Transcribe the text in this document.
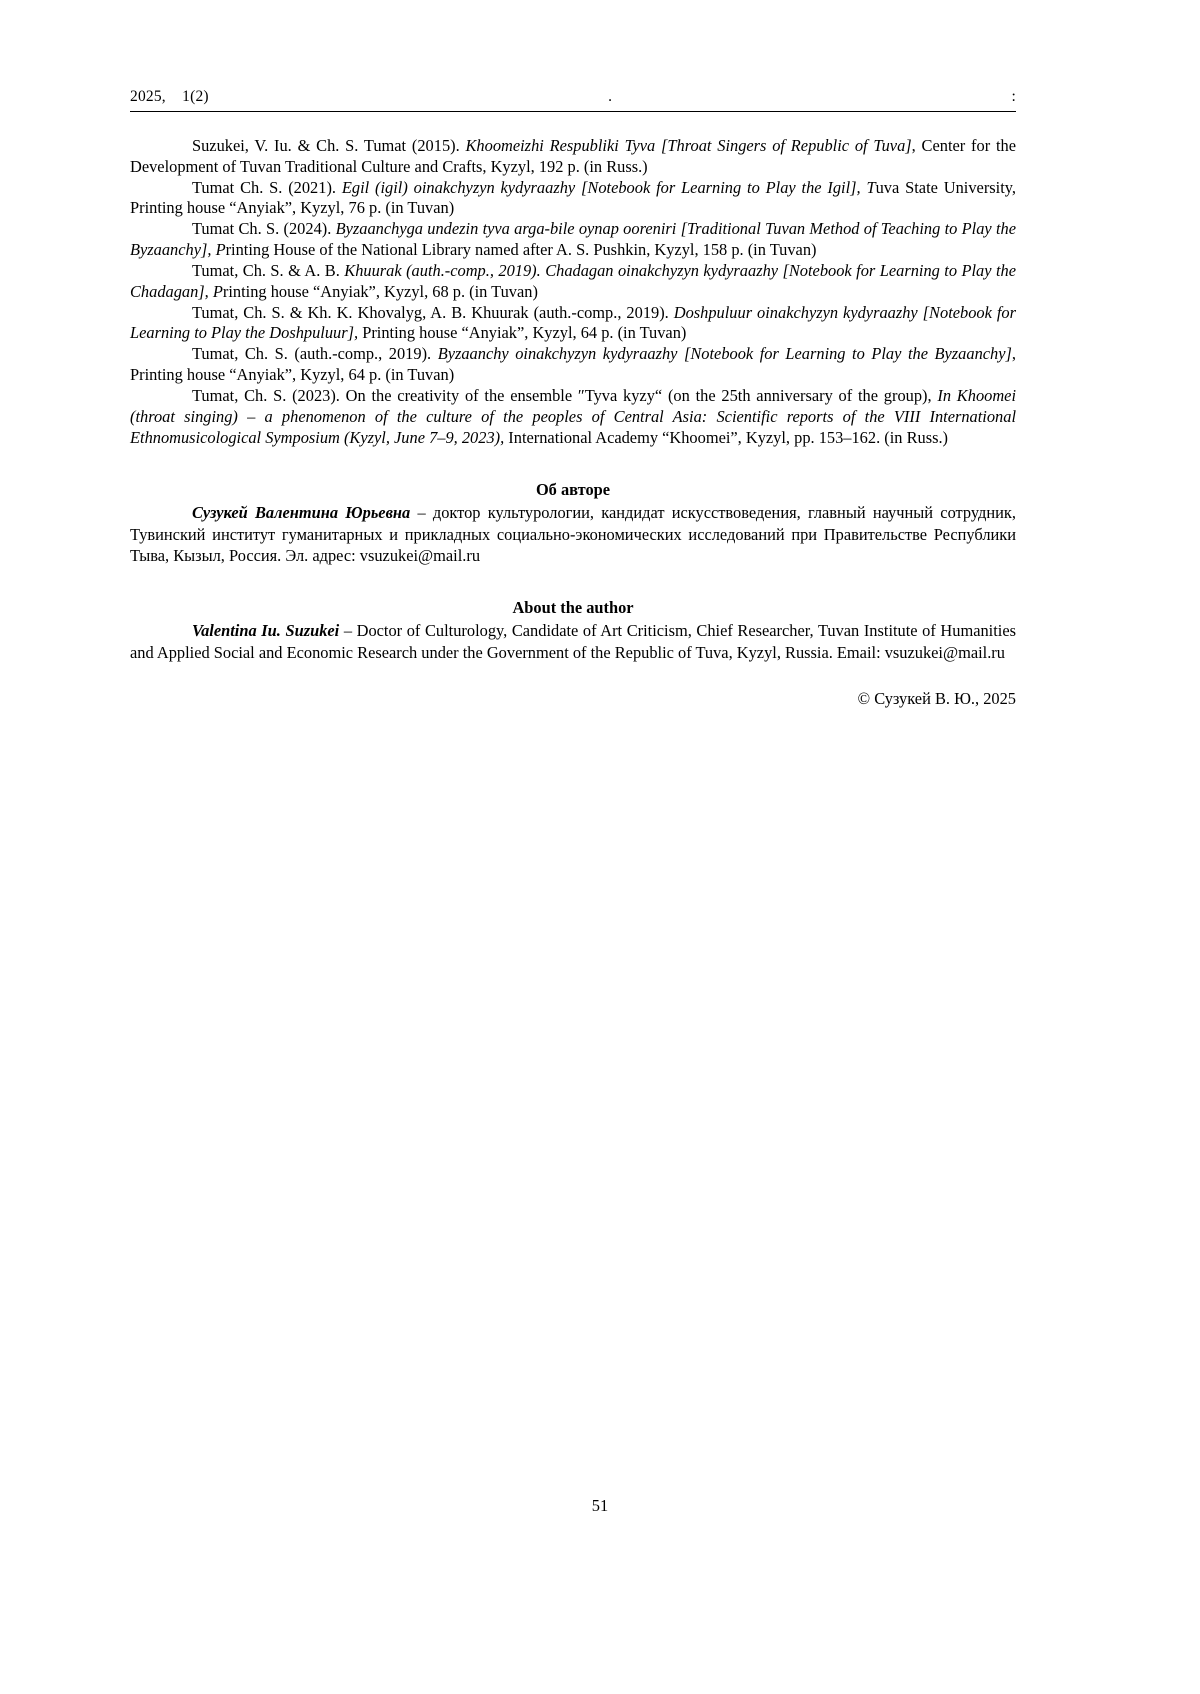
2025,    1(2)	.	:

Suzukei, V. Iu. & Ch. S. Tumat (2015). Khoomeizhi Respubliki Tyva [Throat Singers of Republic of Tuva], Center for the Development of Tuvan Traditional Culture and Crafts, Kyzyl, 192 p. (in Russ.)

Tumat Ch. S. (2021). Egil (igil) oinakchyzyn kydyraazhy [Notebook for Learning to Play the Igil], Tuva State University, Printing house “Anyiak”, Kyzyl, 76 p. (in Tuvan)

Tumat Ch. S. (2024). Byzaanchyga undezin tyva arga-bile oynap ooreniri [Traditional Tuvan Method of Teaching to Play the Byzaanchy], Printing House of the National Library named after A. S. Pushkin, Kyzyl, 158 p. (in Tuvan)

Tumat, Ch. S. & A. B. Khuurak (auth.-comp., 2019). Chadagan oinakchyzyn kydyraazhy [Notebook for Learning to Play the Chadagan], Printing house “Anyiak”, Kyzyl, 68 p. (in Tuvan)

Tumat, Ch. S. & Kh. K. Khovalyg, A. B. Khuurak (auth.-comp., 2019). Doshpuluur oinakchyzyn kydyraazhy [Notebook for Learning to Play the Doshpuluur], Printing house “Anyiak”, Kyzyl, 64 p. (in Tuvan)

Tumat, Ch. S. (auth.-comp., 2019). Byzaanchy oinakchyzyn kydyraazhy [Notebook for Learning to Play the Byzaanchy], Printing house “Anyiak”, Kyzyl, 64 p. (in Tuvan)

Tumat, Ch. S. (2023). On the creativity of the ensemble ″Tyva kyzy“ (on the 25th anniversary of the group), In Khoomei (throat singing) – a phenomenon of the culture of the peoples of Central Asia: Scientific reports of the VIII International Ethnomusicological Symposium (Kyzyl, June 7–9, 2023), International Academy “Khoomei”, Kyzyl, pp. 153–162. (in Russ.)

Об авторе

Сузукей Валентина Юрьевна – доктор культурологии, кандидат искусствоведения, главный научный сотрудник, Тувинский институт гуманитарных и прикладных социально-экономических исследований при Правительстве Республики Тыва, Кызыл, Россия. Эл. адрес: vsuzukei@mail.ru

About the author

Valentina Iu. Suzukei – Doctor of Culturology, Candidate of Art Criticism, Chief Researcher, Tuvan Institute of Humanities and Applied Social and Economic Research under the Government of the Republic of Tuva, Kyzyl, Russia. Email: vsuzukei@mail.ru

© Сузукей В. Ю., 2025
51
